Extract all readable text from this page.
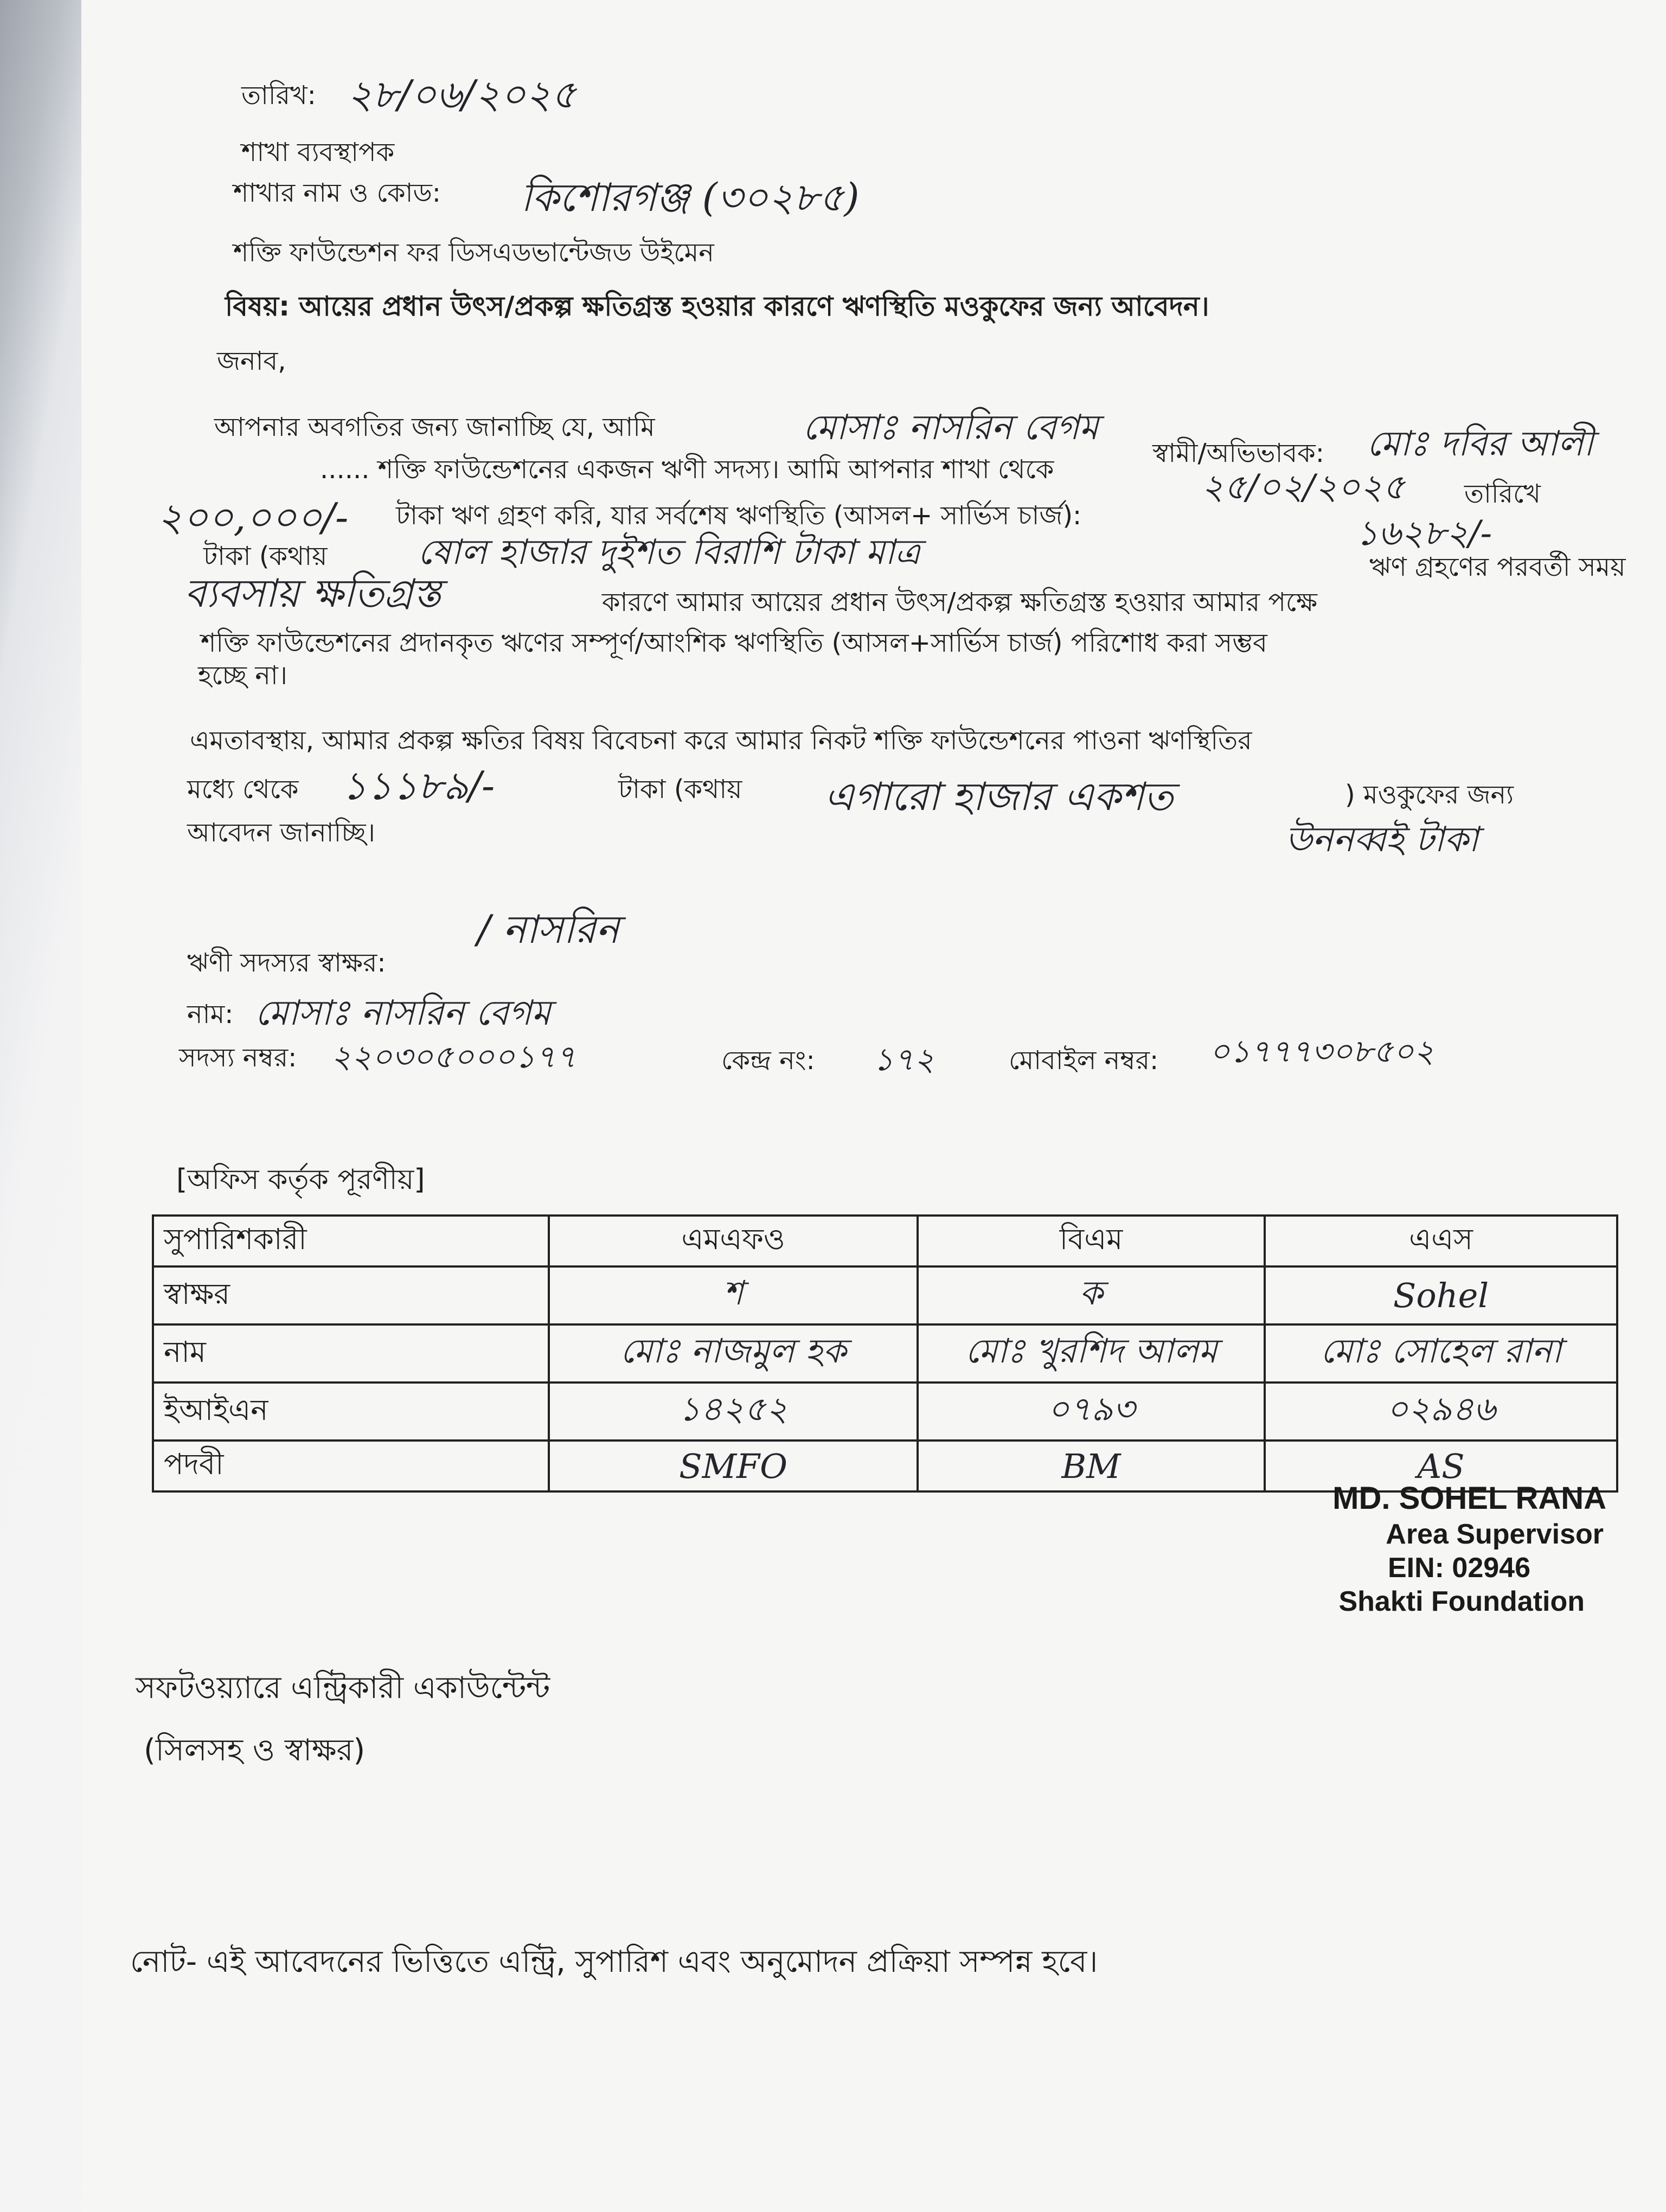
তারিখ: ২৮/০৬/২০২৫
শাখা ব্যবস্থাপক
শাখার নাম ও কোড: কিশোরগঞ্জ (৩০২৮৫)
শক্তি ফাউন্ডেশন ফর ডিসএডভান্টেজড উইমেন
বিষয়: আয়ের প্রধান উৎস/প্রকল্প ক্ষতিগ্রস্ত হওয়ার কারণে ঋণস্থিতি মওকুফের জন্য আবেদন।
জনাব,
আপনার অবগতির জন্য জানাচ্ছি যে, আমি	মোসাঃ নাসরিন বেগম
স্বামী/অভিভাবক: মোঃ দবির আলী
...... শক্তি ফাউন্ডেশনের একজন ঋণী সদস্য। আমি আপনার শাখা থেকে	২৫/০২/২০২৫ তারিখে
২০০,০০০/- টাকা ঋণ গ্রহণ করি, যার সর্বশেষ ঋণস্থিতি (আসল+ সার্ভিস চার্জ):	১৬২৮২/-
টাকা (কথায়	ষোল হাজার দুইশত বিরাশি টাকা মাত্র	ঋণ গ্রহণের পরবর্তী সময়
ব্যবসায় ক্ষতিগ্রস্ত	কারণে আমার আয়ের প্রধান উৎস/প্রকল্প ক্ষতিগ্রস্ত হওয়ার আমার পক্ষে
শক্তি ফাউন্ডেশনের প্রদানকৃত ঋণের সম্পূর্ণ/আংশিক ঋণস্থিতি (আসল+সার্ভিস চার্জ) পরিশোধ করা সম্ভব
হচ্ছে না।
এমতাবস্থায়, আমার প্রকল্প ক্ষতির বিষয় বিবেচনা করে আমার নিকট শক্তি ফাউন্ডেশনের পাওনা ঋণস্থিতির
মধ্যে থেকে ১১১৮৯/-	টাকা (কথায় এগারো হাজার একশত	) মওকুফের জন্য
আবেদন জানাচ্ছি।	উননব্বই টাকা
ঋণী সদস্যর স্বাক্ষর:
/ নাসরিন
নাম: মোসাঃ নাসরিন বেগম
সদস্য নম্বর: ২২০৩০৫০০০১৭৭	কেন্দ্র নং: ১৭২	মোবাইল নম্বর: ০১৭৭৭৩০৮৫০২
[অফিস কর্তৃক পূরণীয়]
সুপারিশকারী	এমএফও	বিএম	এএস
স্বাক্ষর	শ	ক	Sohel
নাম	মোঃ নাজমুল হক	মোঃ খুরশিদ আলম	মোঃ সোহেল রানা
ইআইএন	১৪২৫২	০৭৯৩	০২৯৪৬
পদবী	SMFO	BM	AS
MD. SOHEL RANA
Area Supervisor
EIN: 02946
Shakti Foundation
সফটওয়্যারে এন্ট্রিকারী একাউন্টেন্ট
(সিলসহ ও স্বাক্ষর)
নোট- এই আবেদনের ভিত্তিতে এন্ট্রি, সুপারিশ এবং অনুমোদন প্রক্রিয়া সম্পন্ন হবে।
